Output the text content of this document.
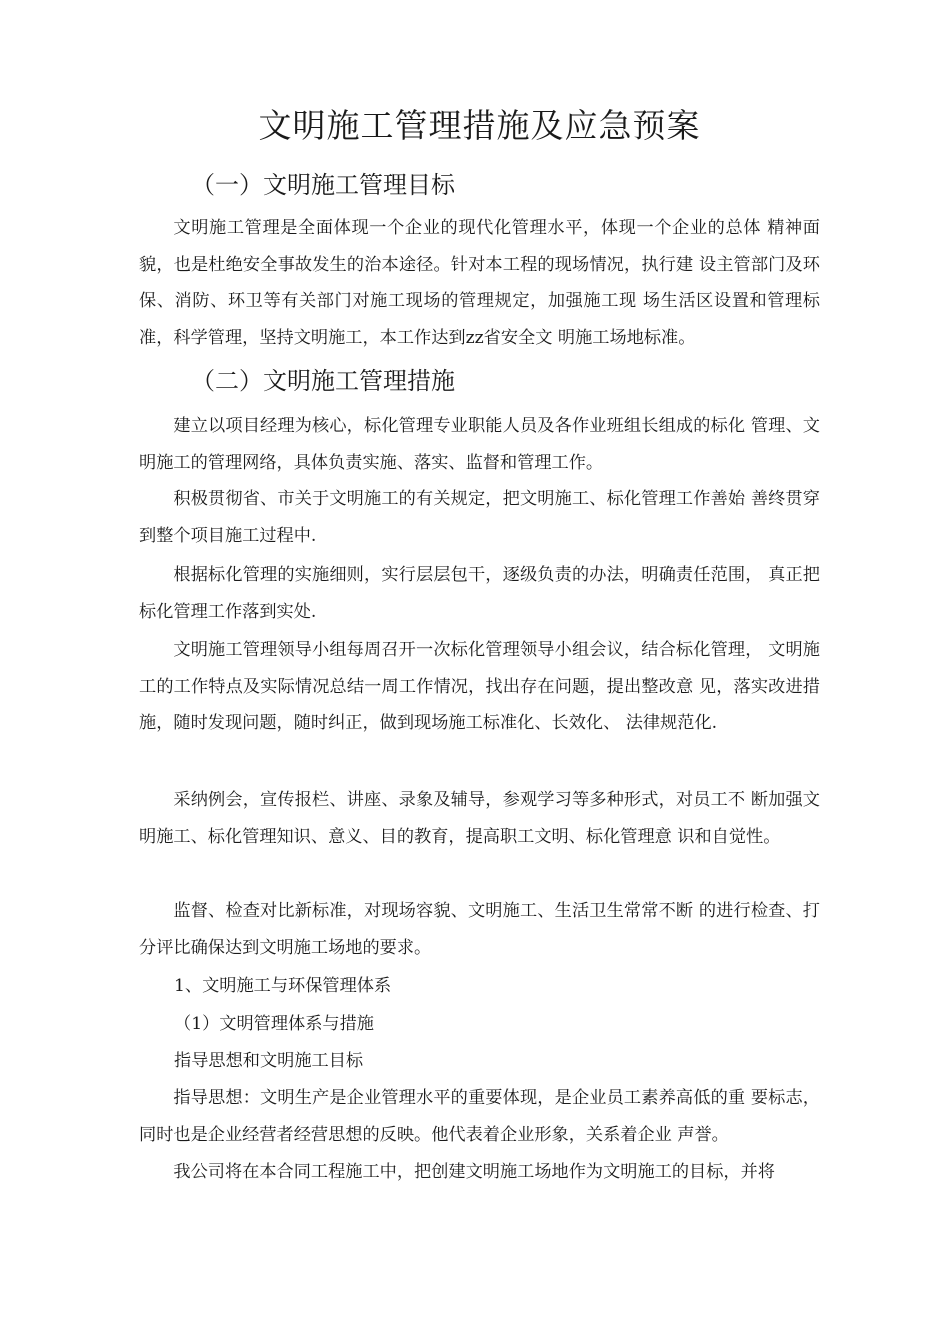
文明施工管理措施及应急预案
（一）文明施工管理目标

文明施工管理是全面体现一个企业的现代化管理水平，体现一个企业的总体 精神面貌，也是杜绝安全事故发生的治本途径。针对本工程的现场情况，执行建 设主管部门及环保、消防、环卫等有关部门对施工现场的管理规定，加强施工现 场生活区设置和管理标准，科学管理，坚持文明施工，本工作达到zz省安全文 明施工场地标准。

（二）文明施工管理措施

建立以项目经理为核心，标化管理专业职能人员及各作业班组长组成的标化 管理、文明施工的管理网络，具体负责实施、落实、监督和管理工作。

积极贯彻省、市关于文明施工的有关规定，把文明施工、标化管理工作善始 善终贯穿到整个项目施工过程中.

根据标化管理的实施细则，实行层层包干，逐级负责的办法，明确责任范围， 真正把标化管理工作落到实处.

文明施工管理领导小组每周召开一次标化管理领导小组会议，结合标化管理， 文明施工的工作特点及实际情况总结一周工作情况，找出存在问题，提出整改意 见，落实改进措施，随时发现问题，随时纠正，做到现场施工标准化、长效化、 法律规范化.

采纳例会，宣传报栏、讲座、录象及辅导，参观学习等多种形式，对员工不 断加强文明施工、标化管理知识、意义、目的教育，提高职工文明、标化管理意 识和自觉性。

监督、检查对比新标准，对现场容貌、文明施工、生活卫生常常不断 的进行检查、打分评比确保达到文明施工场地的要求。

1、文明施工与环保管理体系

（1）文明管理体系与措施

指导思想和文明施工目标

指导思想：文明生产是企业管理水平的重要体现，是企业员工素养高低的重 要标志，同时也是企业经营者经营思想的反映。他代表着企业形象，关系着企业 声誉。

我公司将在本合同工程施工中，把创建文明施工场地作为文明施工的目标，并将
